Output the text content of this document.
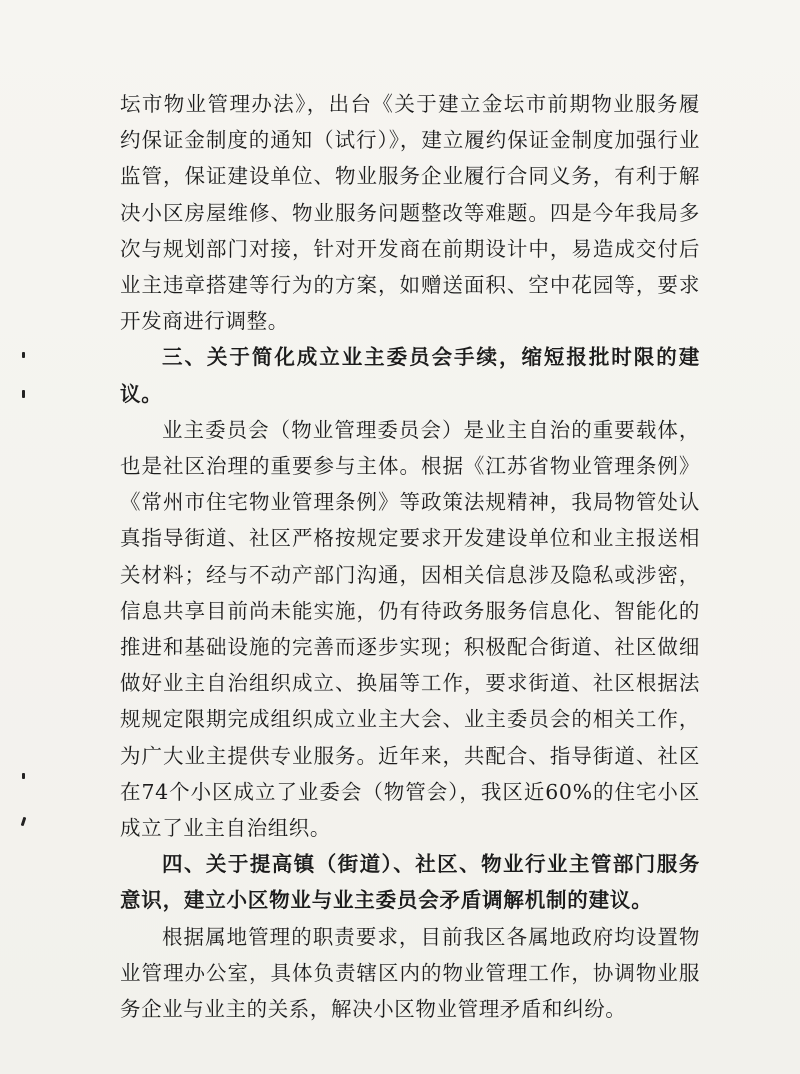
坛市物业管理办法》，出台《关于建立金坛市前期物业服务履约保证金制度的通知（试行）》，建立履约保证金制度加强行业监管，保证建设单位、物业服务企业履行合同义务，有利于解决小区房屋维修、物业服务问题整改等难题。四是今年我局多次与规划部门对接，针对开发商在前期设计中，易造成交付后业主违章搭建等行为的方案，如赠送面积、空中花园等，要求开发商进行调整。

三、关于简化成立业主委员会手续，缩短报批时限的建议。

业主委员会（物业管理委员会）是业主自治的重要载体，也是社区治理的重要参与主体。根据《江苏省物业管理条例》《常州市住宅物业管理条例》等政策法规精神，我局物管处认真指导街道、社区严格按规定要求开发建设单位和业主报送相关材料；经与不动产部门沟通，因相关信息涉及隐私或涉密，信息共享目前尚未能实施，仍有待政务服务信息化、智能化的推进和基础设施的完善而逐步实现；积极配合街道、社区做细做好业主自治组织成立、换届等工作，要求街道、社区根据法规规定限期完成组织成立业主大会、业主委员会的相关工作，为广大业主提供专业服务。近年来，共配合、指导街道、社区在74个小区成立了业委会（物管会），我区近60%的住宅小区成立了业主自治组织。

四、关于提高镇（街道）、社区、物业行业主管部门服务意识，建立小区物业与业主委员会矛盾调解机制的建议。

根据属地管理的职责要求，目前我区各属地政府均设置物业管理办公室，具体负责辖区内的物业管理工作，协调物业服务企业与业主的关系，解决小区物业管理矛盾和纠纷。
